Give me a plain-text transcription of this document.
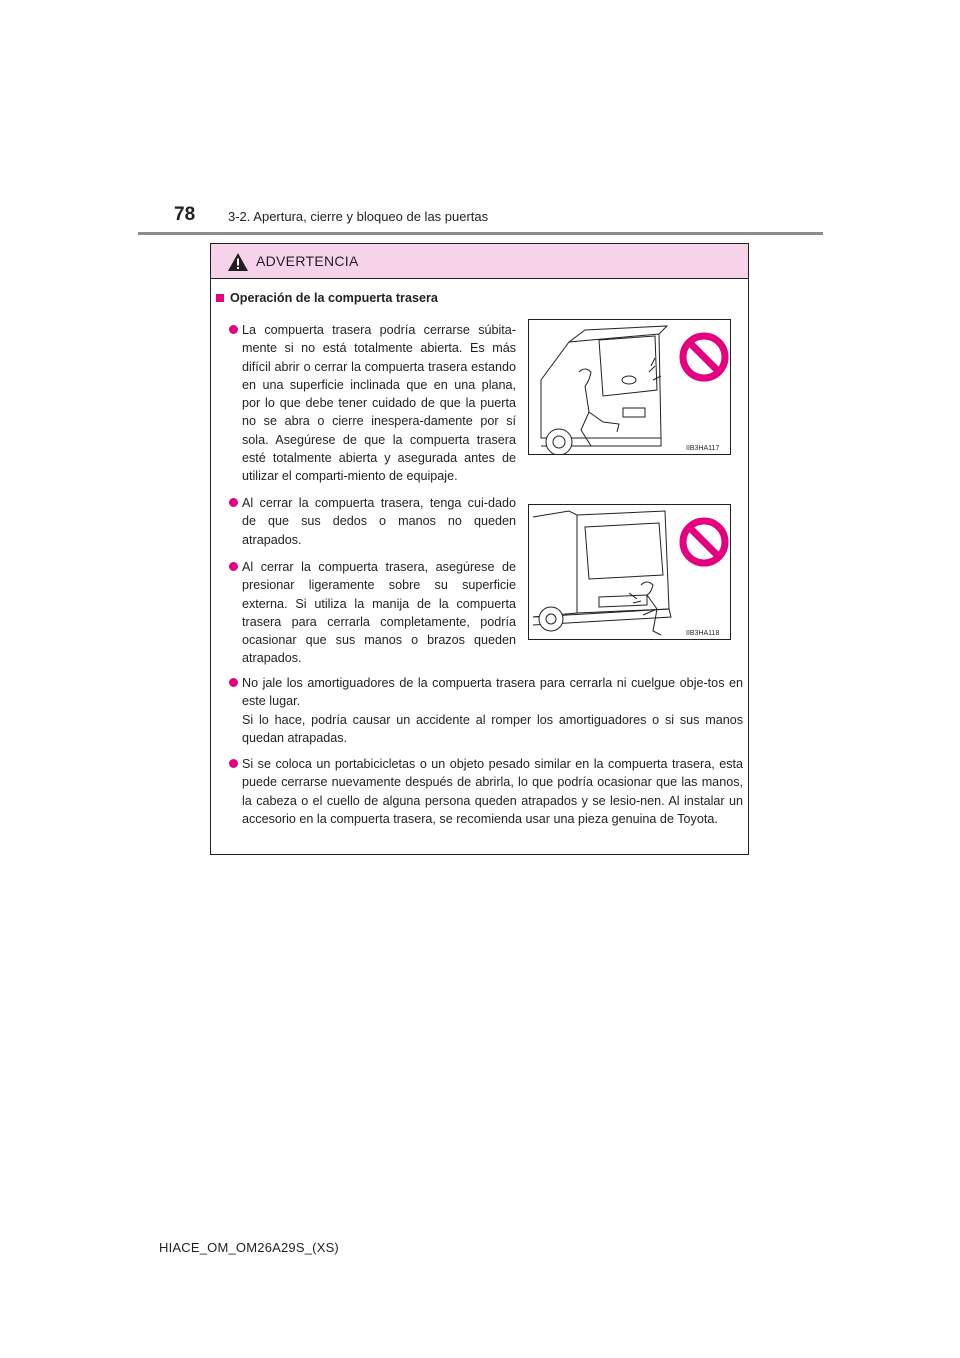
78	3-2. Apertura, cierre y bloqueo de las puertas
ADVERTENCIA
Operación de la compuerta trasera

La compuerta trasera podría cerrarse súbita-mente si no está totalmente abierta. Es más difícil abrir o cerrar la compuerta trasera estando en una superficie inclinada que en una plana, por lo que debe tener cuidado de que la puerta no se abra o cierre inespera-damente por sí sola. Asegúrese de que la compuerta trasera esté totalmente abierta y asegurada antes de utilizar el comparti-miento de equipaje.

IIB3HA117

Al cerrar la compuerta trasera, tenga cui-dado de que sus dedos o manos no queden atrapados.

Al cerrar la compuerta trasera, asegúrese de presionar ligeramente sobre su superficie externa. Si utiliza la manija de la compuerta trasera para cerrarla completamente, podría ocasionar que sus manos o brazos queden atrapados.

IIB3HA118

No jale los amortiguadores de la compuerta trasera para cerrarla ni cuelgue obje-tos en este lugar.

Si lo hace, podría causar un accidente al romper los amortiguadores o si sus manos quedan atrapadas.

Si se coloca un portabicicletas o un objeto pesado similar en la compuerta trasera, esta puede cerrarse nuevamente después de abrirla, lo que podría ocasionar que las manos, la cabeza o el cuello de alguna persona queden atrapados y se lesio-nen. Al instalar un accesorio en la compuerta trasera, se recomienda usar una pieza genuina de Toyota.

HIACE_OM_OM26A29S_(XS)
